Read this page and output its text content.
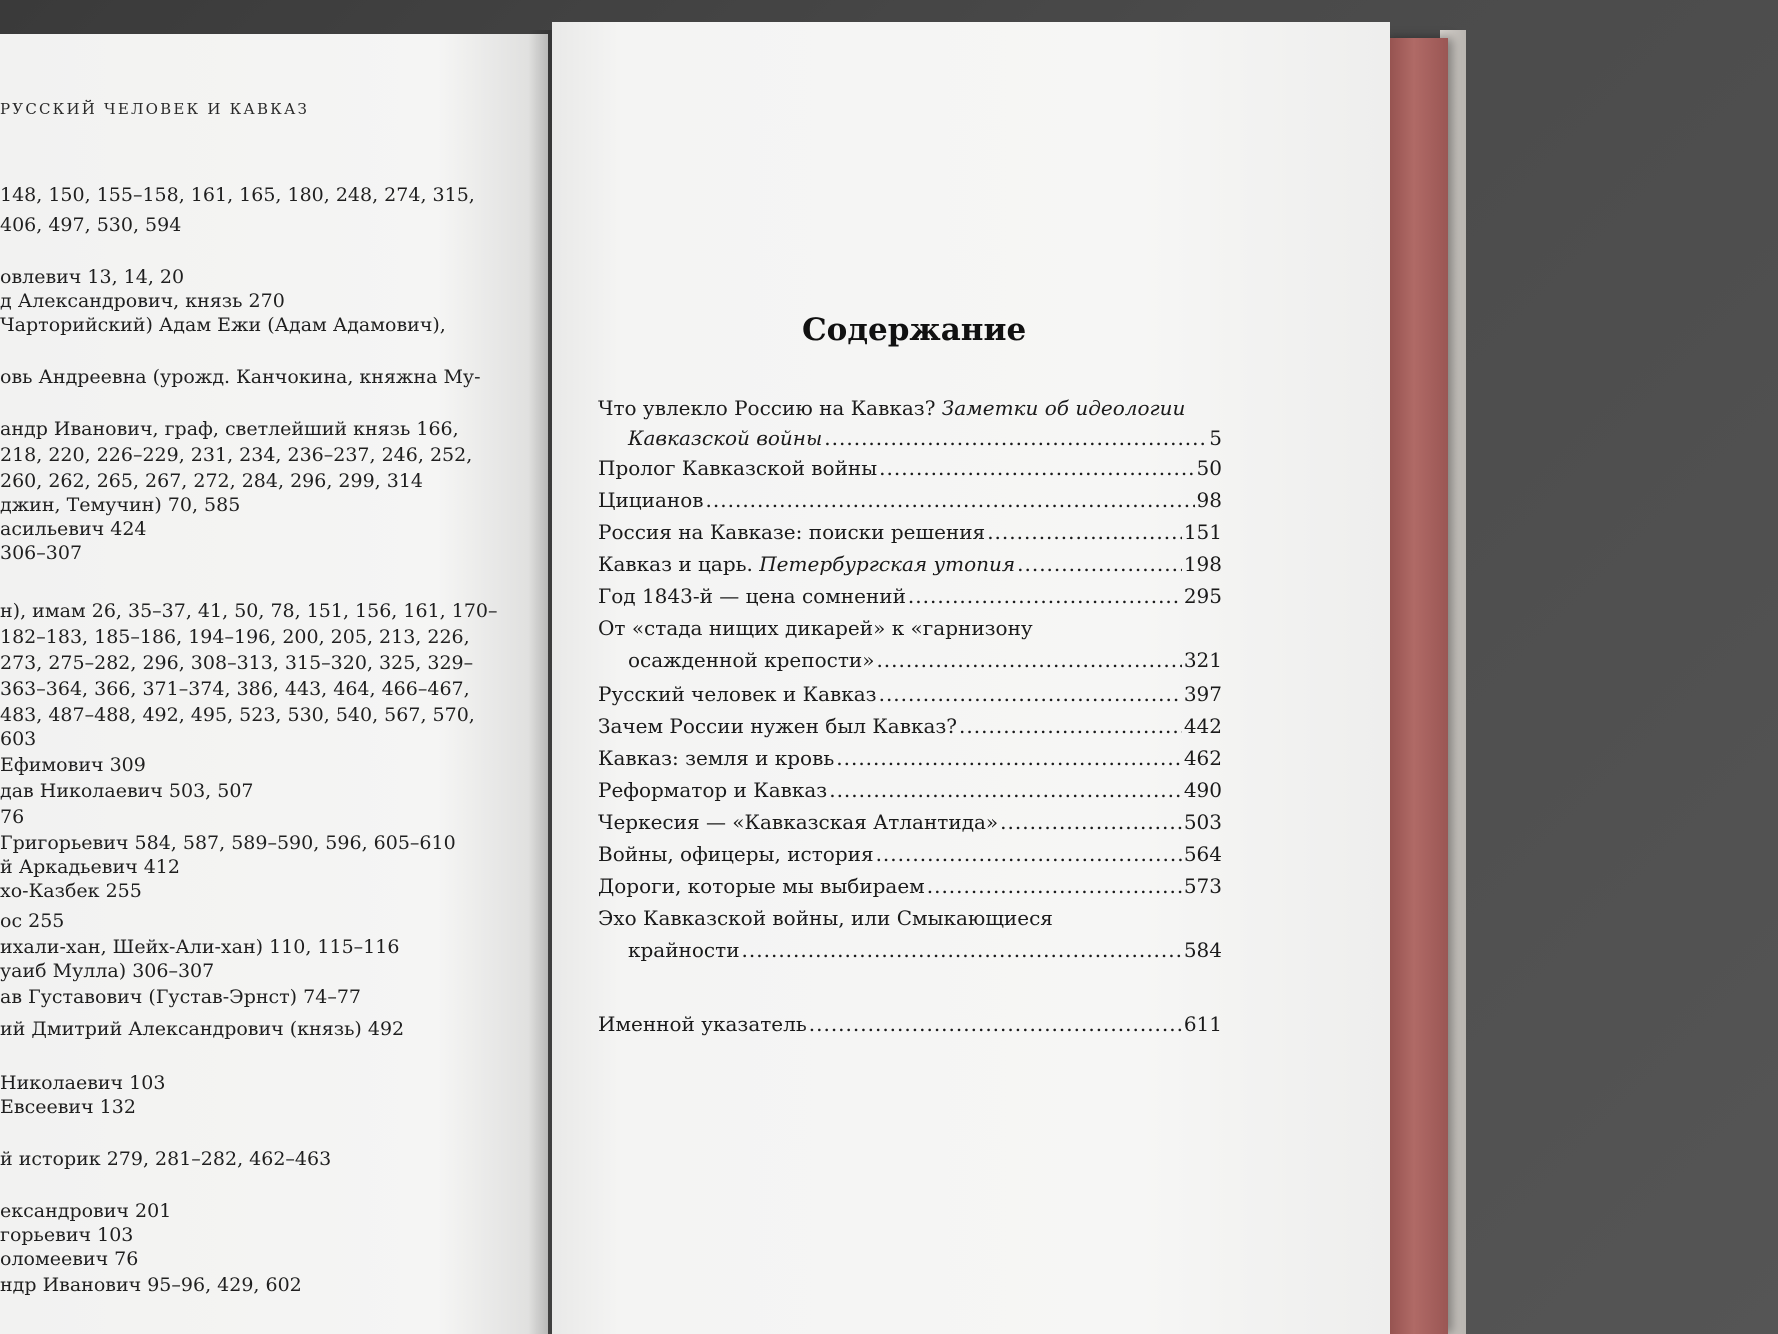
РУССКИЙ ЧЕЛОВЕК И КАВКАЗ
148, 150, 155–158, 161, 165, 180, 248, 274, 315,
406, 497, 530, 594
овлевич 13, 14, 20
д Александрович, князь 270
Чарторийский) Адам Ежи (Адам Адамович),
овь Андреевна (урожд. Канчокина, княжна Му-
андр Иванович, граф, светлейший князь 166,
218, 220, 226–229, 231, 234, 236–237, 246, 252,
260, 262, 265, 267, 272, 284, 296, 299, 314
джин, Темучин) 70, 585
асильевич 424
306–307
н), имам 26, 35–37, 41, 50, 78, 151, 156, 161, 170–
182–183, 185–186, 194–196, 200, 205, 213, 226,
273, 275–282, 296, 308–313, 315–320, 325, 329–
363–364, 366, 371–374, 386, 443, 464, 466–467,
483, 487–488, 492, 495, 523, 530, 540, 567, 570,
603
Ефимович 309
дав Николаевич 503, 507
76
Григорьевич 584, 587, 589–590, 596, 605–610
й Аркадьевич 412
хо-Казбек 255
ос 255
ихали-хан, Шейх-Али-хан) 110, 115–116
уаиб Мулла) 306–307
ав Густавович (Густав-Эрнст) 74–77
ий Дмитрий Александрович (князь) 492
Николаевич 103
Евсеевич 132
й историк 279, 281–282, 462–463
ександрович 201
горьевич 103
оломеевич 76
ндр Иванович 95–96, 429, 602
Содержание
Что увлекло Россию на Кавказ? Заметки об идеологии
Кавказской войны .....	5
Пролог Кавказской войны .....	50
Цицианов .....	98
Россия на Кавказе: поиски решения .....	151
Кавказ и царь. Петербургская утопия .....	198
Год 1843-й — цена сомнений .....	295
От «стада нищих дикарей» к «гарнизону
осажденной крепости» .....	321
Русский человек и Кавказ .....	397
Зачем России нужен был Кавказ? .....	442
Кавказ: земля и кровь .....	462
Реформатор и Кавказ .....	490
Черкесия — «Кавказская Атлантида» .....	503
Войны, офицеры, история .....	564
Дороги, которые мы выбираем .....	573
Эхо Кавказской войны, или Смыкающиеся
крайности .....	584
Именной указатель .....	611
